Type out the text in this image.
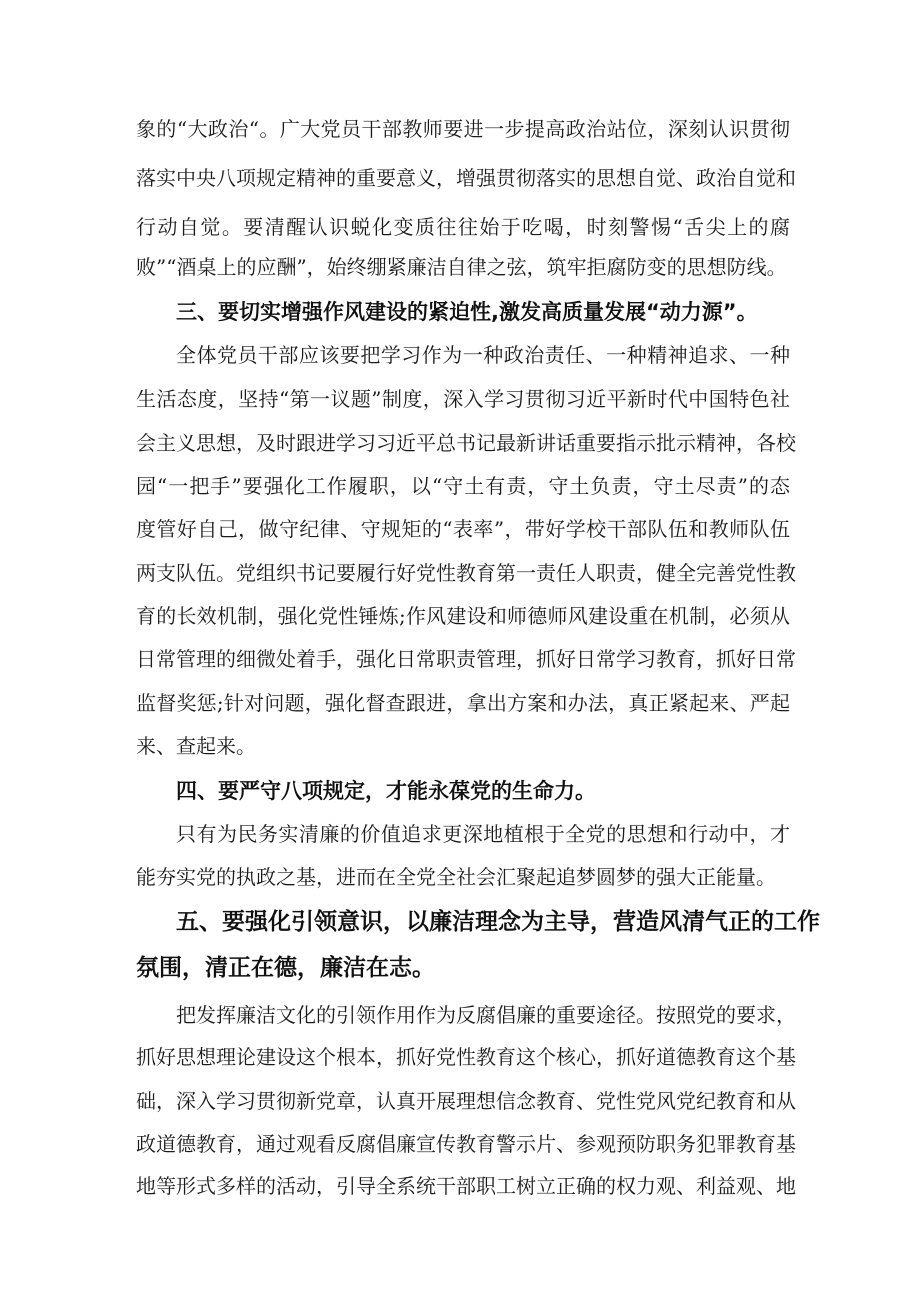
象的“大政治“。广大党员干部教师要进一步提高政治站位，深刻认识贯彻
落实中央八项规定精神的重要意义，增强贯彻落实的思想自觉、政治自觉和
行动自觉。要清醒认识蜕化变质往往始于吃喝，时刻警惕“舌尖上的腐
败”“酒桌上的应酬”，始终绷紧廉洁自律之弦，筑牢拒腐防变的思想防线。
三、要切实增强作风建设的紧迫性,激发高质量发展“动力源”。
全体党员干部应该要把学习作为一种政治责任、一种精神追求、一种
生活态度，坚持“第一议题”制度，深入学习贯彻习近平新时代中国特色社
会主义思想，及时跟进学习习近平总书记最新讲话重要指示批示精神，各校
园“一把手”要强化工作履职，以“守土有责，守土负责，守土尽责”的态
度管好自己，做守纪律、守规矩的“表率”，带好学校干部队伍和教师队伍
两支队伍。党组织书记要履行好党性教育第一责任人职责，健全完善党性教
育的长效机制，强化党性锤炼;作风建设和师德师风建设重在机制，必须从
日常管理的细微处着手，强化日常职责管理，抓好日常学习教育，抓好日常
监督奖惩;针对问题，强化督查跟进，拿出方案和办法，真正紧起来、严起
来、查起来。
四、要严守八项规定，才能永葆党的生命力。
只有为民务实清廉的价值追求更深地植根于全党的思想和行动中，才
能夯实党的执政之基，进而在全党全社会汇聚起追梦圆梦的强大正能量。
五、要强化引领意识，以廉洁理念为主导，营造风清气正的工作
氛围，清正在德，廉洁在志。
把发挥廉洁文化的引领作用作为反腐倡廉的重要途径。按照党的要求，
抓好思想理论建设这个根本，抓好党性教育这个核心，抓好道德教育这个基
础，深入学习贯彻新党章，认真开展理想信念教育、党性党风党纪教育和从
政道德教育，通过观看反腐倡廉宣传教育警示片、参观预防职务犯罪教育基
地等形式多样的活动，引导全系统干部职工树立正确的权力观、利益观、地
